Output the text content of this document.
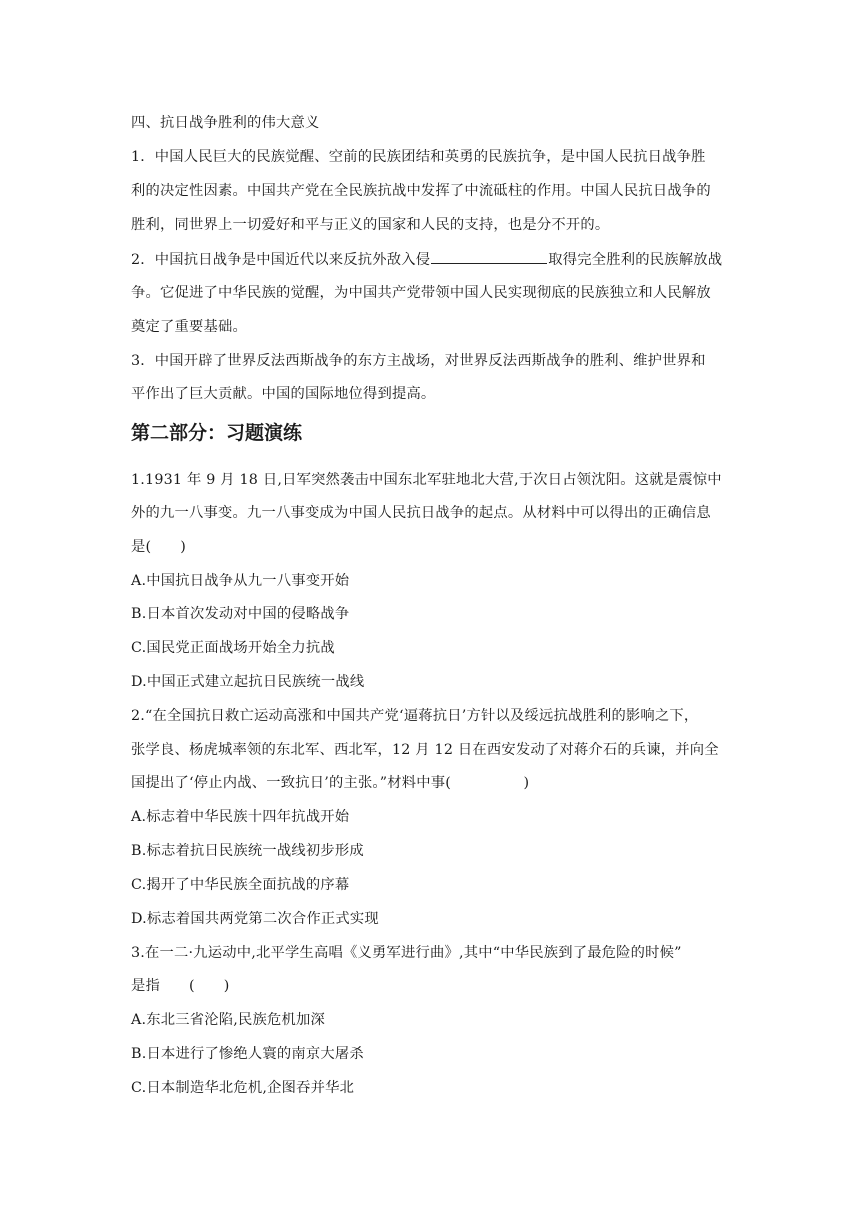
四、抗日战争胜利的伟大意义
1．中国人民巨大的民族觉醒、空前的民族团结和英勇的民族抗争，是中国人民抗日战争胜
利的决定性因素。中国共产党在全民族抗战中发挥了中流砥柱的作用。中国人民抗日战争的
胜利，同世界上一切爱好和平与正义的国家和人民的支持，也是分不开的。
2．中国抗日战争是中国近代以来反抗外敌入侵	取得完全胜利的民族解放战
争。它促进了中华民族的觉醒，为中国共产党带领中国人民实现彻底的民族独立和人民解放
奠定了重要基础。
3．中国开辟了世界反法西斯战争的东方主战场，对世界反法西斯战争的胜利、维护世界和
平作出了巨大贡献。中国的国际地位得到提高。
第二部分：习题演练
1.1931 年 9 月 18 日,日军突然袭击中国东北军驻地北大营,于次日占领沈阳。这就是震惊中
外的九一八事变。九一八事变成为中国人民抗日战争的起点。从材料中可以得出的正确信息
是(　　)
A.中国抗日战争从九一八事变开始
B.日本首次发动对中国的侵略战争
C.国民党正面战场开始全力抗战
D.中国正式建立起抗日民族统一战线
2.“在全国抗日救亡运动高涨和中国共产党‘逼蒋抗日’方针以及绥远抗战胜利的影响之下，
张学良、杨虎城率领的东北军、西北军，12 月 12 日在西安发动了对蒋介石的兵谏，并向全
国提出了‘停止内战、一致抗日’的主张。”材料中事(　　　　　)
A.标志着中华民族十四年抗战开始
B.标志着抗日民族统一战线初步形成
C.揭开了中华民族全面抗战的序幕
D.标志着国共两党第二次合作正式实现
3.在一二·九运动中,北平学生高唱《义勇军进行曲》,其中“中华民族到了最危险的时候”
是指　　(　　)
A.东北三省沦陷,民族危机加深
B.日本进行了惨绝人寰的南京大屠杀
C.日本制造华北危机,企图吞并华北
